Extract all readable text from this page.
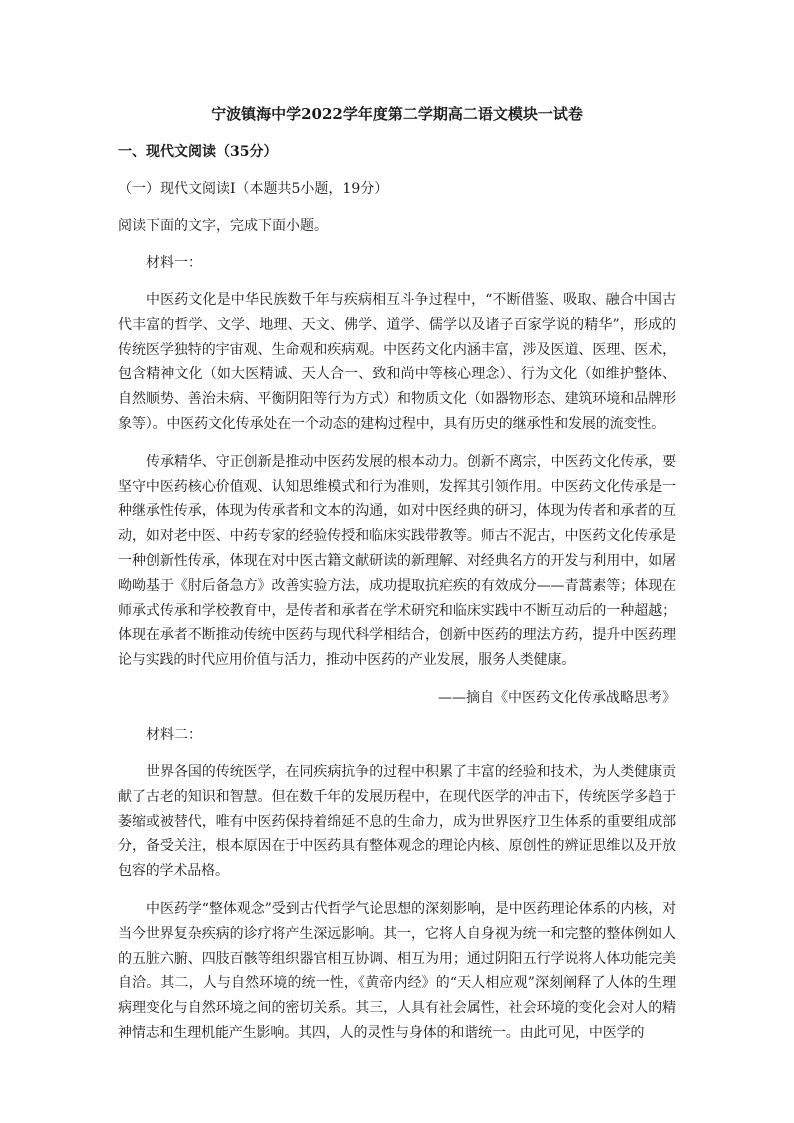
宁波镇海中学2022学年度第二学期高二语文模块一试卷
一、现代文阅读（35分）
（一）现代文阅读Ⅰ（本题共5小题，19分）
阅读下面的文字，完成下面小题。
材料一：

中医药文化是中华民族数千年与疾病相互斗争过程中，“不断借鉴、吸取、融合中国古代丰富的哲学、文学、地理、天文、佛学、道学、儒学以及诸子百家学说的精华”，形成的传统医学独特的宇宙观、生命观和疾病观。中医药文化内涵丰富，涉及医道、医理、医术，包含精神文化（如大医精诚、天人合一、致和尚中等核心理念）、行为文化（如维护整体、自然顺势、善治未病、平衡阴阳等行为方式）和物质文化（如器物形态、建筑环境和品牌形象等）。中医药文化传承处在一个动态的建构过程中，具有历史的继承性和发展的流变性。

传承精华、守正创新是推动中医药发展的根本动力。创新不离宗，中医药文化传承，要坚守中医药核心价值观、认知思维模式和行为准则，发挥其引领作用。中医药文化传承是一种继承性传承，体现为传承者和文本的沟通，如对中医经典的研习，体现为传者和承者的互动，如对老中医、中药专家的经验传授和临床实践带教等。师古不泥古，中医药文化传承是一种创新性传承，体现在对中医古籍文献研读的新理解、对经典名方的开发与利用中，如屠呦呦基于《肘后备急方》改善实验方法，成功提取抗疟疾的有效成分——青蒿素等；体现在师承式传承和学校教育中，是传者和承者在学术研究和临床实践中不断互动后的一种超越；体现在承者不断推动传统中医药与现代科学相结合，创新中医药的理法方药，提升中医药理论与实践的时代应用价值与活力，推动中医药的产业发展，服务人类健康。

——摘自《中医药文化传承战略思考》
材料二：

世界各国的传统医学，在同疾病抗争的过程中积累了丰富的经验和技术，为人类健康贡献了古老的知识和智慧。但在数千年的发展历程中，在现代医学的冲击下，传统医学多趋于萎缩或被替代，唯有中医药保持着绵延不息的生命力，成为世界医疗卫生体系的重要组成部分，备受关注，根本原因在于中医药具有整体观念的理论内核、原创性的辨证思维以及开放包容的学术品格。

中医药学“整体观念”受到古代哲学气论思想的深刻影响，是中医药理论体系的内核，对当今世界复杂疾病的诊疗将产生深远影响。其一，它将人自身视为统一和完整的整体例如人的五脏六腑、四肢百骸等组织器官相互协调、相互为用；通过阴阳五行学说将人体功能完美自洽。其二，人与自然环境的统一性，《黄帝内经》的“天人相应观”深刻阐释了人体的生理病理变化与自然环境之间的密切关系。其三，人具有社会属性，社会环境的变化会对人的精神情志和生理机能产生影响。其四，人的灵性与身体的和谐统一。由此可见，中医学的
